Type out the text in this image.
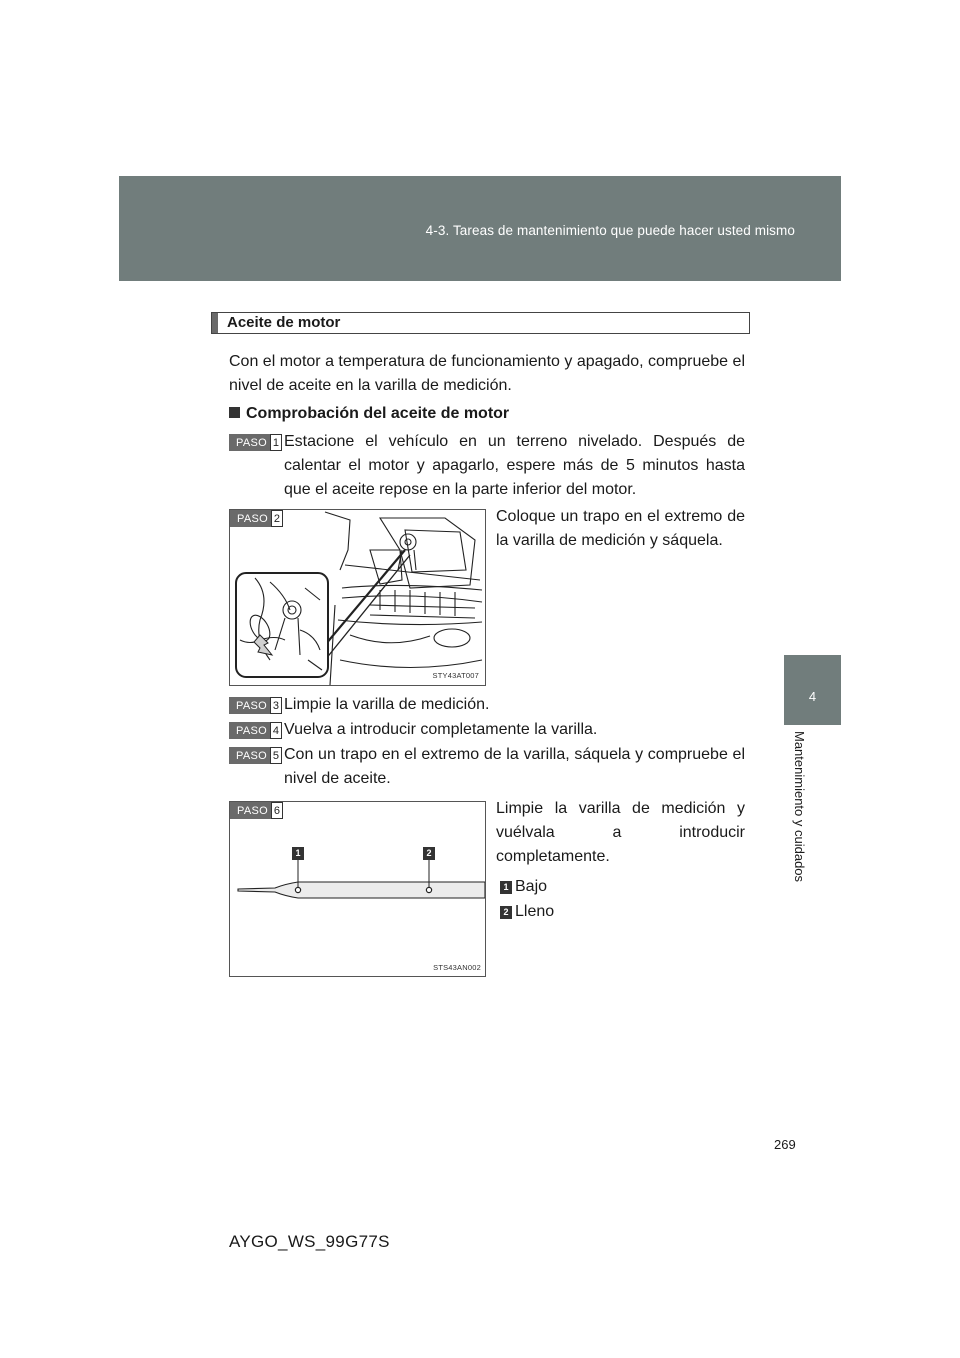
4-3. Tareas de mantenimiento que puede hacer usted mismo
4
Mantenimiento y cuidados
Aceite de motor
Con el motor a temperatura de funcionamiento y apagado, compruebe el nivel de aceite en la varilla de medición.
Comprobación del aceite de motor
PASO 1 Estacione el vehículo en un terreno nivelado. Después de calentar el motor y apagarlo, espere más de 5 minutos hasta que el aceite repose en la parte inferior del motor.
PASO 2
STY43AT007
Coloque un trapo en el extremo de la varilla de medición y sáquela.
PASO 3 Limpie la varilla de medición.
PASO 4 Vuelva a introducir completamente la varilla.
PASO 5 Con un trapo en el extremo de la varilla, sáquela y compruebe el nivel de aceite.
PASO 6
1	2
STS43AN002
Limpie la varilla de medición y vuélvala a introducir completamente.
1 Bajo
2 Lleno
269
AYGO_WS_99G77S
